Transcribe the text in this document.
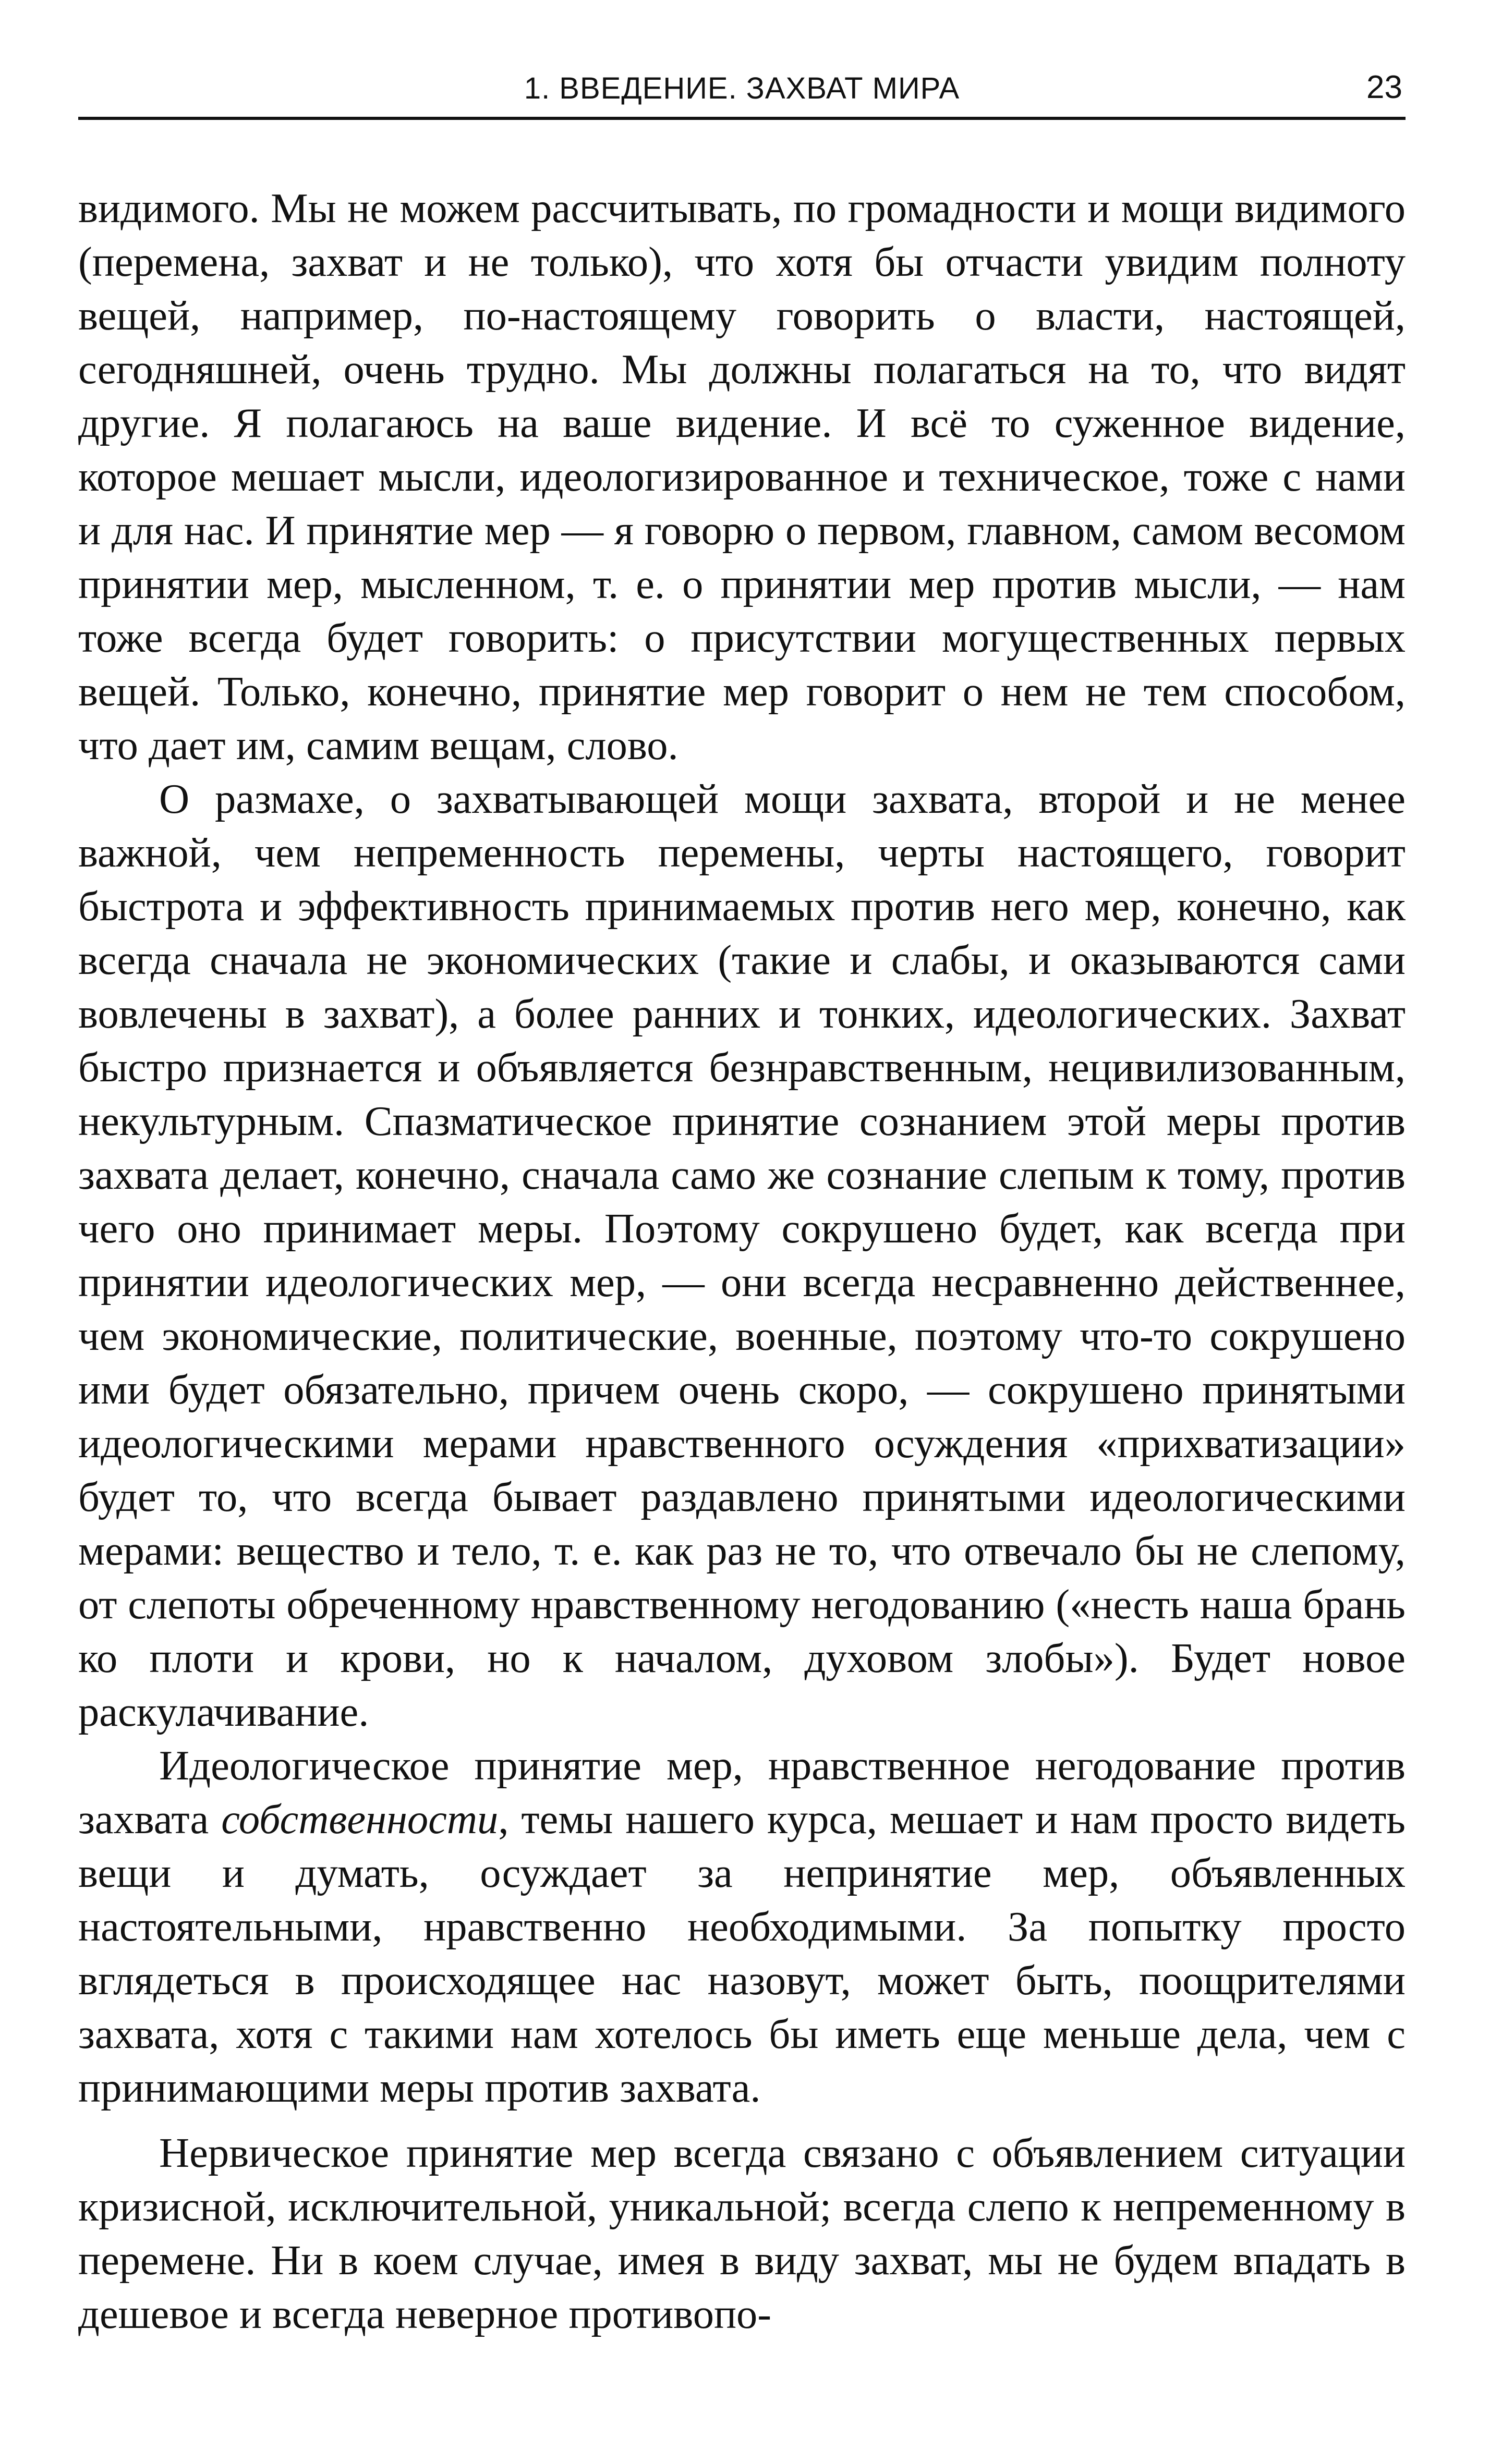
1. ВВЕДЕНИЕ. ЗАХВАТ МИРА	23

видимого. Мы не можем рассчитывать, по громадности и мощи видимого (перемена, захват и не только), что хотя бы отчасти увидим полноту вещей, например, по-настоящему говорить о власти, настоящей, сегодняшней, очень трудно. Мы должны полагаться на то, что видят другие. Я полагаюсь на ваше видение. И всё то суженное видение, которое мешает мысли, идеологизированное и техническое, тоже с нами и для нас. И принятие мер — я говорю о первом, главном, самом весомом принятии мер, мысленном, т. е. о принятии мер против мысли, — нам тоже всегда будет говорить: о присутствии могущественных первых вещей. Только, конечно, принятие мер говорит о нем не тем способом, что дает им, самим вещам, слово.

О размахе, о захватывающей мощи захвата, второй и не менее важной, чем непременность перемены, черты настоящего, говорит быстрота и эффективность принимаемых против него мер, конечно, как всегда сначала не экономических (такие и слабы, и оказываются сами вовлечены в захват), а более ранних и тонких, идеологических. Захват быстро признается и объявляется безнравственным, нецивилизованным, некультурным. Спазматическое принятие сознанием этой меры против захвата делает, конечно, сначала само же сознание слепым к тому, против чего оно принимает меры. Поэтому сокрушено будет, как всегда при принятии идеологических мер, — они всегда несравненно действеннее, чем экономические, политические, военные, поэтому что-то сокрушено ими будет обязательно, причем очень скоро, — сокрушено принятыми идеологическими мерами нравственного осуждения «прихватизации» будет то, что всегда бывает раздавлено принятыми идеологическими мерами: вещество и тело, т. е. как раз не то, что отвечало бы не слепому, от слепоты обреченному нравственному негодованию («несть наша брань ко плоти и крови, но к началом, духовом злобы»). Будет новое раскулачивание.

Идеологическое принятие мер, нравственное негодование против захвата собственности, темы нашего курса, мешает и нам просто видеть вещи и думать, осуждает за непринятие мер, объявленных настоятельными, нравственно необходимыми. За попытку просто вглядеться в происходящее нас назовут, может быть, поощрителями захвата, хотя с такими нам хотелось бы иметь еще меньше дела, чем с принимающими меры против захвата.

Нервическое принятие мер всегда связано с объявлением ситуации кризисной, исключительной, уникальной; всегда слепо к непременному в перемене. Ни в коем случае, имея в виду захват, мы не будем впадать в дешевое и всегда неверное противопо-
